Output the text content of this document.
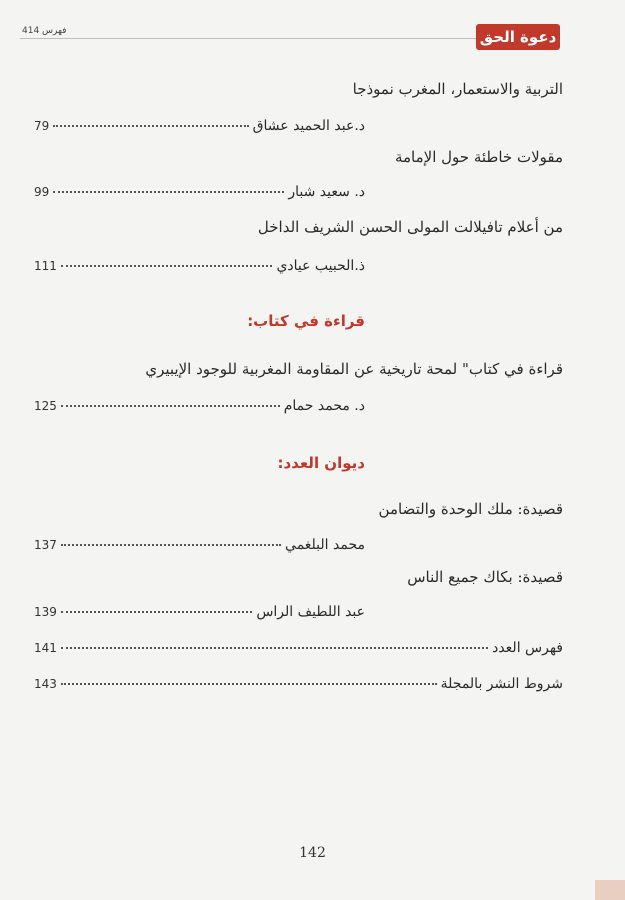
دعوة الحق
فهرس 414
التربية والاستعمار، المغرب نموذجا
د.عبد الحميد عشاق
79
مقولات خاطئة حول الإمامة
د. سعيد شبار
99
من أعلام تافيلالت المولى الحسن الشريف الداخل
ذ.الحبيب عيادي
111
قراءة في كتاب:
قراءة في كتاب" لمحة تاريخية عن المقاومة المغربية للوجود الإيبيري
د. محمد حمام
125
ديوان العدد:
قصيدة: ملك الوحدة والتضامن
محمد البلغمي
137
قصيدة: بكاك جميع الناس
عبد اللطيف الراس
139
فهرس العدد
141
شروط النشر بالمجلة
143
142
